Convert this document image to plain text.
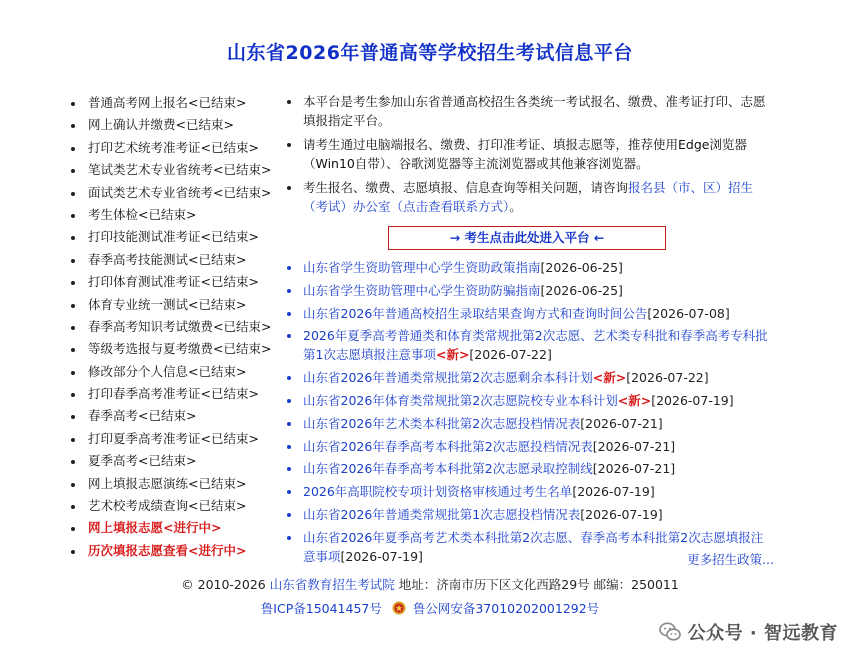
山东省2026年普通高等学校招生考试信息平台
普通高考网上报名<已结束>
网上确认并缴费<已结束>
打印艺术统考准考证<已结束>
笔试类艺术专业省统考<已结束>
面试类艺术专业省统考<已结束>
考生体检<已结束>
打印技能测试准考证<已结束>
春季高考技能测试<已结束>
打印体育测试准考证<已结束>
体育专业统一测试<已结束>
春季高考知识考试缴费<已结束>
等级考选报与夏考缴费<已结束>
修改部分个人信息<已结束>
打印春季高考准考证<已结束>
春季高考<已结束>
打印夏季高考准考证<已结束>
夏季高考<已结束>
网上填报志愿演练<已结束>
艺术校考成绩查询<已结束>
网上填报志愿<进行中>
历次填报志愿查看<进行中>
本平台是考生参加山东省普通高校招生各类统一考试报名、缴费、准考证打印、志愿填报指定平台。
请考生通过电脑端报名、缴费、打印准考证、填报志愿等，推荐使用Edge浏览器（Win10自带）、谷歌浏览器等主流浏览器或其他兼容浏览器。
考生报名、缴费、志愿填报、信息查询等相关问题，请咨询报名县（市、区）招生（考试）办公室（点击查看联系方式）。
→ 考生点击此处进入平台 ←
山东省学生资助管理中心学生资助政策指南[2026-06-25]
山东省学生资助管理中心学生资助防骗指南[2026-06-25]
山东省2026年普通高校招生录取结果查询方式和查询时间公告[2026-07-08]
2026年夏季高考普通类和体育类常规批第2次志愿、艺术类专科批和春季高考专科批第1次志愿填报注意事项<新>[2026-07-22]
山东省2026年普通类常规批第2次志愿剩余本科计划<新>[2026-07-22]
山东省2026年体育类常规批第2次志愿院校专业本科计划<新>[2026-07-19]
山东省2026年艺术类本科批第2次志愿投档情况表[2026-07-21]
山东省2026年春季高考本科批第2次志愿投档情况表[2026-07-21]
山东省2026年春季高考本科批第2次志愿录取控制线[2026-07-21]
2026年高职院校专项计划资格审核通过考生名单[2026-07-19]
山东省2026年普通类常规批第1次志愿投档情况表[2026-07-19]
山东省2026年夏季高考艺术类本科批第2次志愿、春季高考本科批第2次志愿填报注意事项[2026-07-19]	更多招生政策...
© 2010-2026 山东省教育招生考试院 地址：济南市历下区文化西路29号 邮编：250011
鲁ICP备15041457号 鲁公网安备37010202001292号
公众号 · 智远教育
